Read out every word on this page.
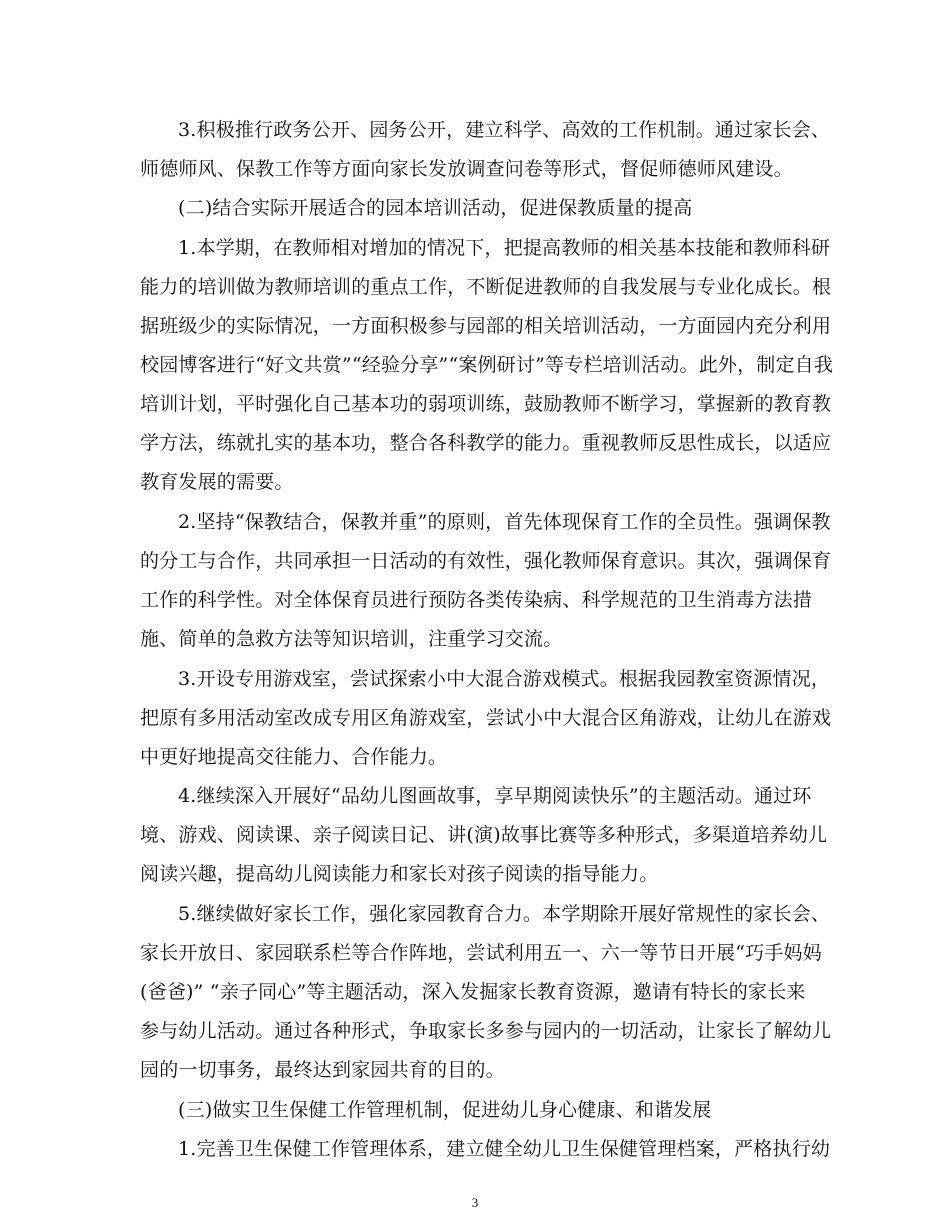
3.积极推行政务公开、园务公开，建立科学、高效的工作机制。通过家长会、
师德师风、保教工作等方面向家长发放调查问卷等形式，督促师德师风建设。
(二)结合实际开展适合的园本培训活动，促进保教质量的提高
1.本学期，在教师相对增加的情况下，把提高教师的相关基本技能和教师科研
能力的培训做为教师培训的重点工作，不断促进教师的自我发展与专业化成长。根
据班级少的实际情况，一方面积极参与园部的相关培训活动，一方面园内充分利用
校园博客进行“好文共赏”“经验分享”“案例研讨”等专栏培训活动。此外，制定自我
培训计划，平时强化自己基本功的弱项训练，鼓励教师不断学习，掌握新的教育教
学方法，练就扎实的基本功，整合各科教学的能力。重视教师反思性成长，以适应
教育发展的需要。
2.坚持“保教结合，保教并重”的原则，首先体现保育工作的全员性。强调保教
的分工与合作，共同承担一日活动的有效性，强化教师保育意识。其次，强调保育
工作的科学性。对全体保育员进行预防各类传染病、科学规范的卫生消毒方法措
施、简单的急救方法等知识培训，注重学习交流。
3.开设专用游戏室，尝试探索小中大混合游戏模式。根据我园教室资源情况，
把原有多用活动室改成专用区角游戏室，尝试小中大混合区角游戏，让幼儿在游戏
中更好地提高交往能力、合作能力。
4.继续深入开展好“品幼儿图画故事，享早期阅读快乐”的主题活动。通过环
境、游戏、阅读课、亲子阅读日记、讲(演)故事比赛等多种形式，多渠道培养幼儿
阅读兴趣，提高幼儿阅读能力和家长对孩子阅读的指导能力。
5.继续做好家长工作，强化家园教育合力。本学期除开展好常规性的家长会、
家长开放日、家园联系栏等合作阵地，尝试利用五一、六一等节日开展“巧手妈妈
(爸爸)” “亲子同心”等主题活动，深入发掘家长教育资源，邀请有特长的家长来
参与幼儿活动。通过各种形式，争取家长多参与园内的一切活动，让家长了解幼儿
园的一切事务，最终达到家园共育的目的。
(三)做实卫生保健工作管理机制，促进幼儿身心健康、和谐发展
1.完善卫生保健工作管理体系，建立健全幼儿卫生保健管理档案，严格执行幼
3
